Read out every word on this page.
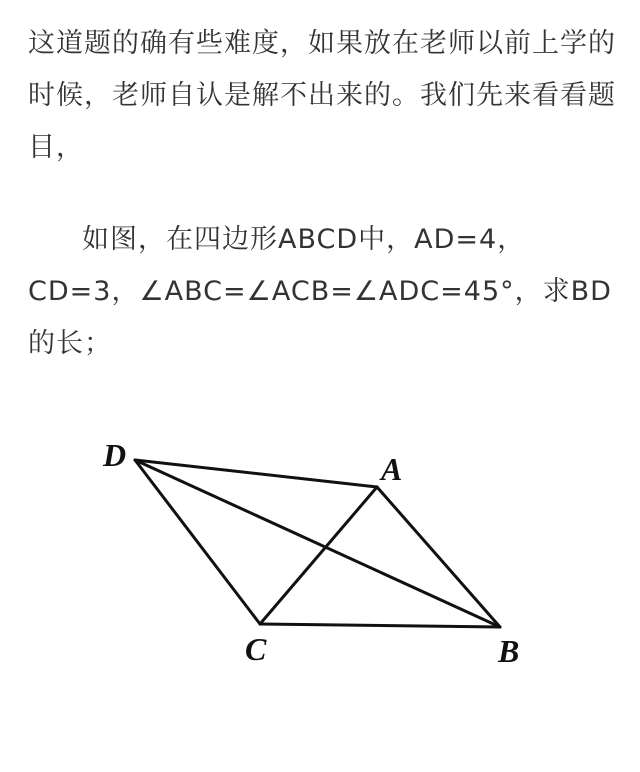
这道题的确有些难度，如果放在老师以前上学的时候，老师自认是解不出来的。我们先来看看题目，

如图，在四边形ABCD中，AD=4，CD=3，∠ABC=∠ACB=∠ADC=45°，求BD的长；

D	A
C	B
